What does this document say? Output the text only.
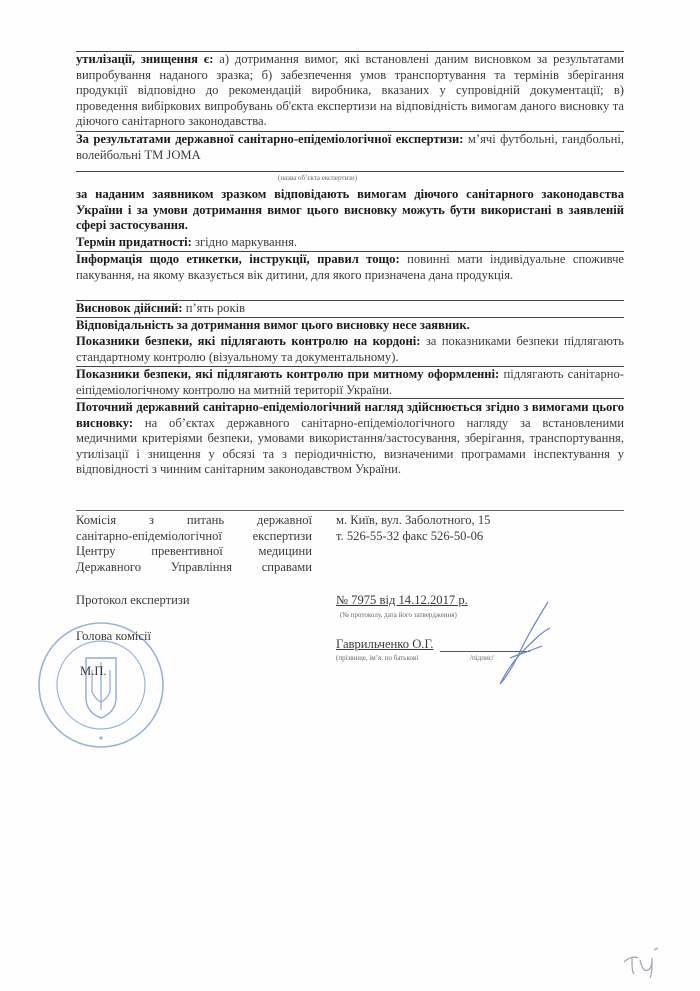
утилізації, знищення є: а) дотримання вимог, які встановлені даним висновком за результатами випробування наданого зразка; б) забезпечення умов транспортування та термінів зберігання продукції відповідно до рекомендацій виробника, вказаних у супровідній документації; в) проведення вибіркових випробувань об'єкта експертизи на відповідність вимогам даного висновку та діючого санітарного законодавства.
За результатами державної санітарно-епідеміологічної експертизи: м’ячі футбольні, гандбольні, волейбольні ТМ JOMA
(назва об’єкта експертизи)
за наданим заявником зразком відповідають вимогам діючого санітарного законодавства України і за умови дотримання вимог цього висновку можуть бути використані в заявленій сфері застосування.
Термін придатності: згідно маркування.
Інформація щодо етикетки, інструкції, правил тощо: повинні мати індивідуальне споживче пакування, на якому вказується вік дитини, для якого призначена дана продукція.
Висновок дійсний: п’ять років
Відповідальність за дотримання вимог цього висновку несе заявник.
Показники безпеки, які підлягають контролю на кордоні: за показниками безпеки підлягають стандартному контролю (візуальному та документальному).
Показники безпеки, які підлягають контролю при митному оформленні: підлягають санітарно-еіпідеміологічному контролю на митній території України.
Поточний державний санітарно-епідеміологічний нагляд здійснюється згідно з вимогами цього висновку: на об’єктах державного санітарно-епідеміологічного нагляду за встановленими медичними критеріями безпеки, умовами використання/застосування, зберігання, транспортування, утилізації і знищення у обсязі та з періодичністю, визначеними програмами інспектування у відповідності з чинним санітарним законодавством України.
Комісія з питань державної
санітарно-епідеміологічної експертизи
Центру превентивної медицини
Державного Управління справами
м. Київ, вул. Заболотного, 15
т. 526-55-32 факс 526-50-06
Протокол експертизи	№ 7975 від 14.12.2017 р.
(№ протоколу, дата його затвердження)
Голова комісії
Гаврильченко О.Г.
(прізвище, ім’я, по батькові	/підпис/
М.П.
